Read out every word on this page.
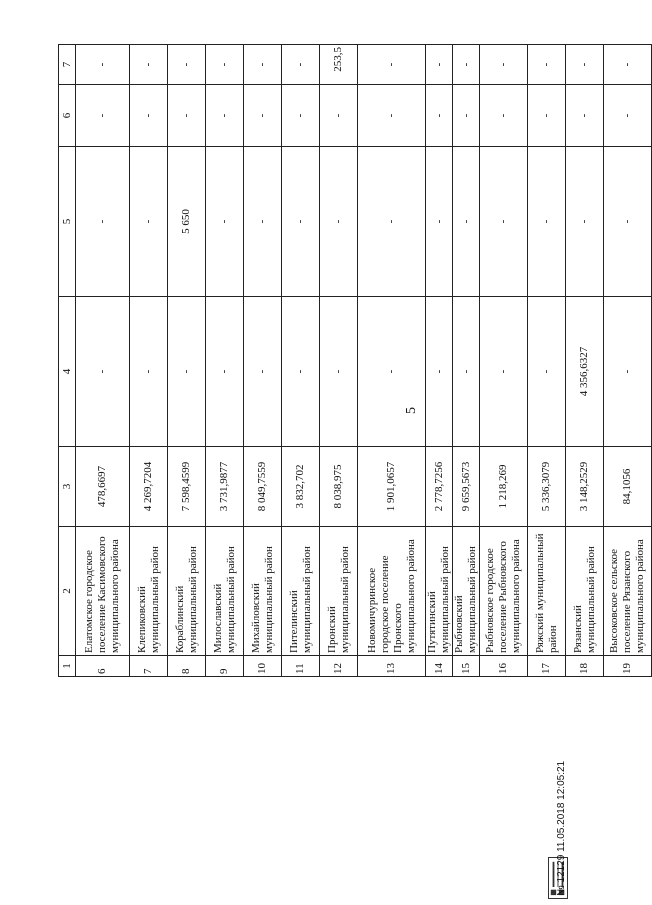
5
1	2	3	4	5	6	7
6	Елатомское городское поселение Касимовского муниципального района	478,6697	-	-	-	-
7	Клепиковский муниципальный район	4 269,7204	-	-	-	-
8	Кораблинский муниципальный район	7 598,4599	-	5 650	-	-
9	Милославский муниципальный район	3 731,9877	-	-	-	-
10	Михайловский муниципальный район	8 049,7559	-	-	-	-
11	Пителинский муниципальный район	3 832,702	-	-	-	-
12	Пронский муниципальный район	8 038,975	-	-	-	253,5
13	Новомичуринское городское поселение Пронского муниципального района	1 901,0657	-	-	-	-
14	Путятинский муниципальный район	2 778,7256	-	-	-	-
15	Рыбновский муниципальный район	9 659,5673	-	-	-	-
16	Рыбновское городское поселение Рыбновского муниципального района	1 218,269	-	-	-	-
17	Ряжский муниципальный район	5 336,3079	-	-	-	-
18	Рязанский муниципальный район	3 148,2529	4 356,6327	-	-	-
19	Высоковское сельское поселение Рязанского муниципального района	84,1056	-	-	-	-
№ 12129 11.05.2018 12:05:21
